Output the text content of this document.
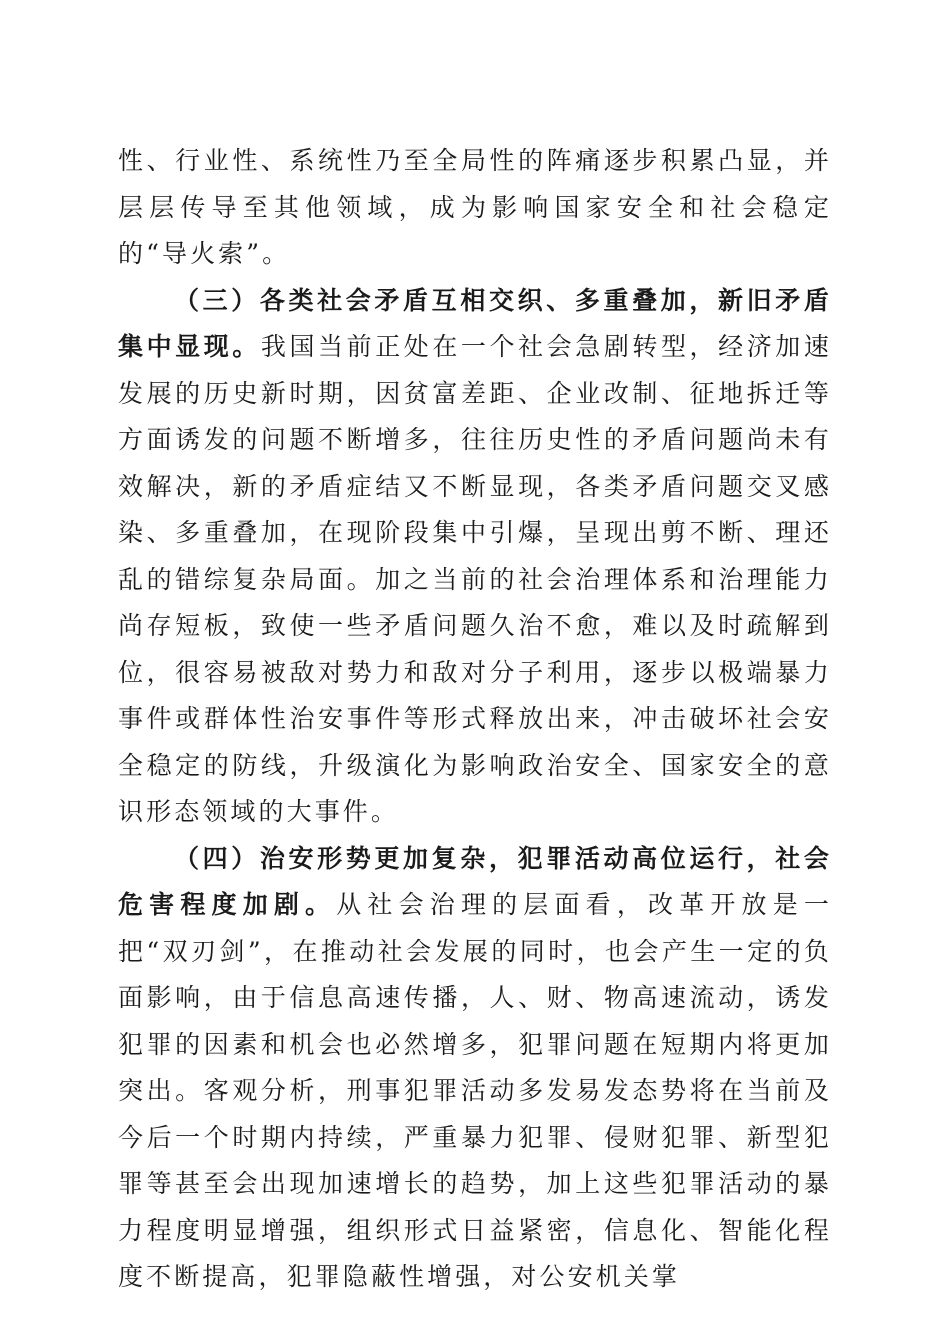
性、行业性、系统性乃至全局性的阵痛逐步积累凸显，并层层传导至其他领域，成为影响国家安全和社会稳定的“导火索”。

（三）各类社会矛盾互相交织、多重叠加，新旧矛盾集中显现。我国当前正处在一个社会急剧转型，经济加速发展的历史新时期，因贫富差距、企业改制、征地拆迁等方面诱发的问题不断增多，往往历史性的矛盾问题尚未有效解决，新的矛盾症结又不断显现，各类矛盾问题交叉感染、多重叠加，在现阶段集中引爆，呈现出剪不断、理还乱的错综复杂局面。加之当前的社会治理体系和治理能力尚存短板，致使一些矛盾问题久治不愈，难以及时疏解到位，很容易被敌对势力和敌对分子利用，逐步以极端暴力事件或群体性治安事件等形式释放出来，冲击破坏社会安全稳定的防线，升级演化为影响政治安全、国家安全的意识形态领域的大事件。

（四）治安形势更加复杂，犯罪活动高位运行，社会危害程度加剧。从社会治理的层面看，改革开放是一把“双刃剑”，在推动社会发展的同时，也会产生一定的负面影响，由于信息高速传播，人、财、物高速流动，诱发犯罪的因素和机会也必然增多，犯罪问题在短期内将更加突出。客观分析，刑事犯罪活动多发易发态势将在当前及今后一个时期内持续，严重暴力犯罪、侵财犯罪、新型犯罪等甚至会出现加速增长的趋势，加上这些犯罪活动的暴力程度明显增强，组织形式日益紧密，信息化、智能化程度不断提高，犯罪隐蔽性增强，对公安机关掌
